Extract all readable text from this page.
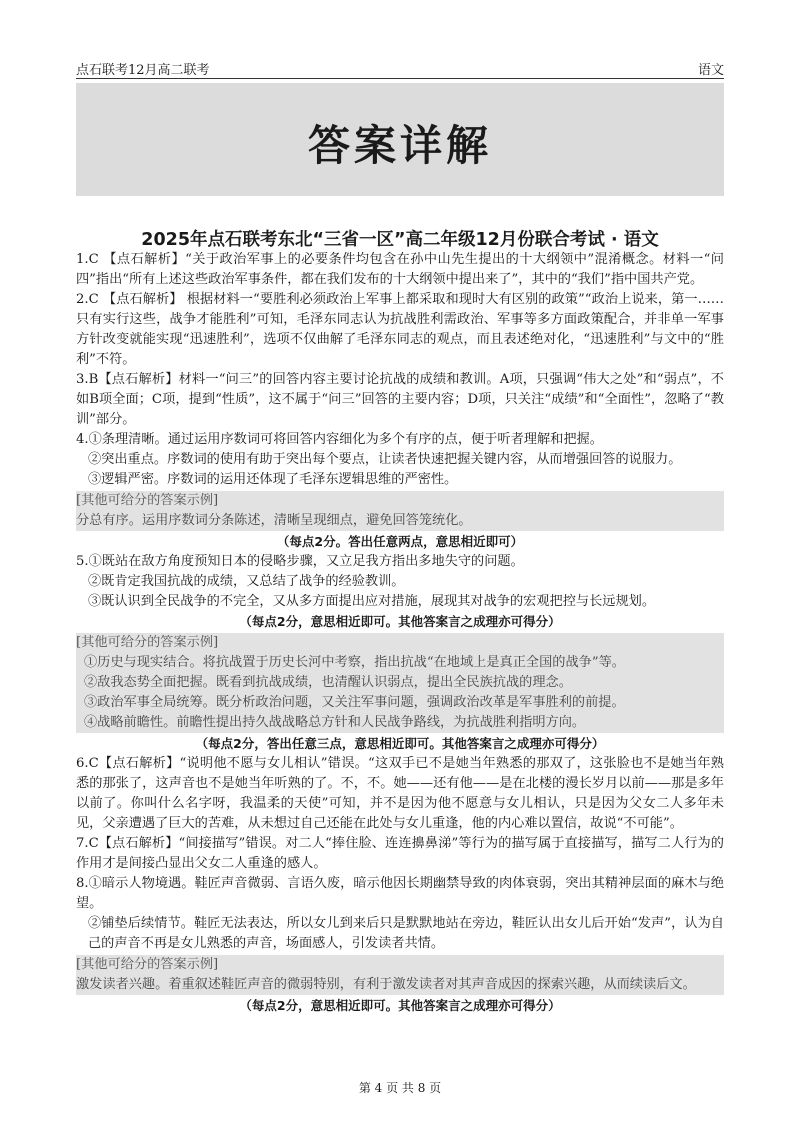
点石联考12月高二联考	语文
答案详解
2025年点石联考东北“三省一区”高二年级12月份联合考试 · 语文

1.C 【点石解析】“关于政治军事上的必要条件均包含在孙中山先生提出的十大纲领中”混淆概念。材料一“问四”指出“所有上述这些政治军事条件，都在我们发布的十大纲领中提出来了”，其中的“我们”指中国共产党。

2.C 【点石解析】 根据材料一“要胜利必须政治上军事上都采取和现时大有区别的政策”“政治上说来，第一……只有实行这些，战争才能胜利”可知，毛泽东同志认为抗战胜利需政治、军事等多方面政策配合，并非单一军事方针改变就能实现“迅速胜利”，选项不仅曲解了毛泽东同志的观点，而且表述绝对化，“迅速胜利”与文中的“胜利”不符。

3.B【点石解析】材料一“问三”的回答内容主要讨论抗战的成绩和教训。A项，只强调“伟大之处”和“弱点”，不如B项全面；C项，提到“性质”，这不属于“问三”回答的主要内容；D项，只关注“成绩”和“全面性”，忽略了“教训”部分。

4.①条理清晰。通过运用序数词可将回答内容细化为多个有序的点，便于听者理解和把握。

②突出重点。序数词的使用有助于突出每个要点，让读者快速把握关键内容，从而增强回答的说服力。

③逻辑严密。序数词的运用还体现了毛泽东逻辑思维的严密性。

[其他可给分的答案示例]

分总有序。运用序数词分条陈述，清晰呈现细点，避免回答笼统化。

（每点2分。答出任意两点，意思相近即可）

5.①既站在敌方角度预知日本的侵略步骤，又立足我方指出多地失守的问题。

②既肯定我国抗战的成绩，又总结了战争的经验教训。

③既认识到全民战争的不完全，又从多方面提出应对措施，展现其对战争的宏观把控与长远规划。

（每点2分，意思相近即可。其他答案言之成理亦可得分）

[其他可给分的答案示例]

①历史与现实结合。将抗战置于历史长河中考察，指出抗战“在地域上是真正全国的战争”等。

②敌我态势全面把握。既看到抗战成绩，也清醒认识弱点，提出全民族抗战的理念。

③政治军事全局统筹。既分析政治问题，又关注军事问题，强调政治改革是军事胜利的前提。

④战略前瞻性。前瞻性提出持久战战略总方针和人民战争路线，为抗战胜利指明方向。

（每点2分，答出任意三点，意思相近即可。其他答案言之成理亦可得分）

6.C【点石解析】“说明他不愿与女儿相认”错误。“这双手已不是她当年熟悉的那双了，这张脸也不是她当年熟悉的那张了，这声音也不是她当年听熟的了。不，不。她——还有他——是在北楼的漫长岁月以前——那是多年以前了。你叫什么名字呀，我温柔的天使”可知，并不是因为他不愿意与女儿相认，只是因为父女二人多年未见，父亲遭遇了巨大的苦难，从未想过自己还能在此处与女儿重逢，他的内心难以置信，故说“不可能”。

7.C【点石解析】“间接描写”错误。对二人“捧住脸、连连擤鼻涕”等行为的描写属于直接描写，描写二人行为的作用才是间接凸显出父女二人重逢的感人。

8.①暗示人物境遇。鞋匠声音微弱、言语久废，暗示他因长期幽禁导致的肉体衰弱，突出其精神层面的麻木与绝望。

②铺垫后续情节。鞋匠无法表达，所以女儿到来后只是默默地站在旁边，鞋匠认出女儿后开始“发声”，认为自己的声音不再是女儿熟悉的声音，场面感人，引发读者共情。

[其他可给分的答案示例]

激发读者兴趣。着重叙述鞋匠声音的微弱特别，有利于激发读者对其声音成因的探索兴趣，从而续读后文。

（每点2分，意思相近即可。其他答案言之成理亦可得分）

第 4 页 共 8 页
